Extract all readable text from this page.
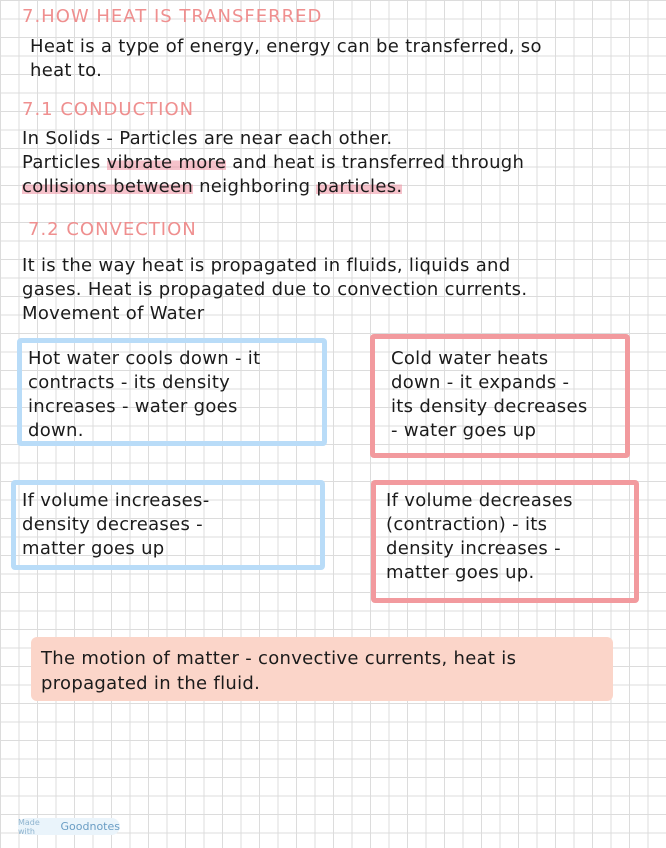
7.HOW HEAT IS TRANSFERRED
Heat is a type of energy, energy can be transferred, so
heat to.
7.1 CONDUCTION
In Solids - Particles are near each other.
Particles vibrate more and heat is transferred through
collisions between neighboring particles.
7.2 CONVECTION
It is the way heat is propagated in fluids, liquids and
gases. Heat is propagated due to convection currents.
Movement of Water
Hot water cools down - it
contracts - its density
increases - water goes
down.
Cold water heats
down - it expands -
its density decreases
- water goes up
If volume increases-
density decreases -
matter goes up
If volume decreases
(contraction) - its
density increases -
matter goes up.
The motion of matter - convective currents, heat is
propagated in the fluid.
Made with	Goodnotes
